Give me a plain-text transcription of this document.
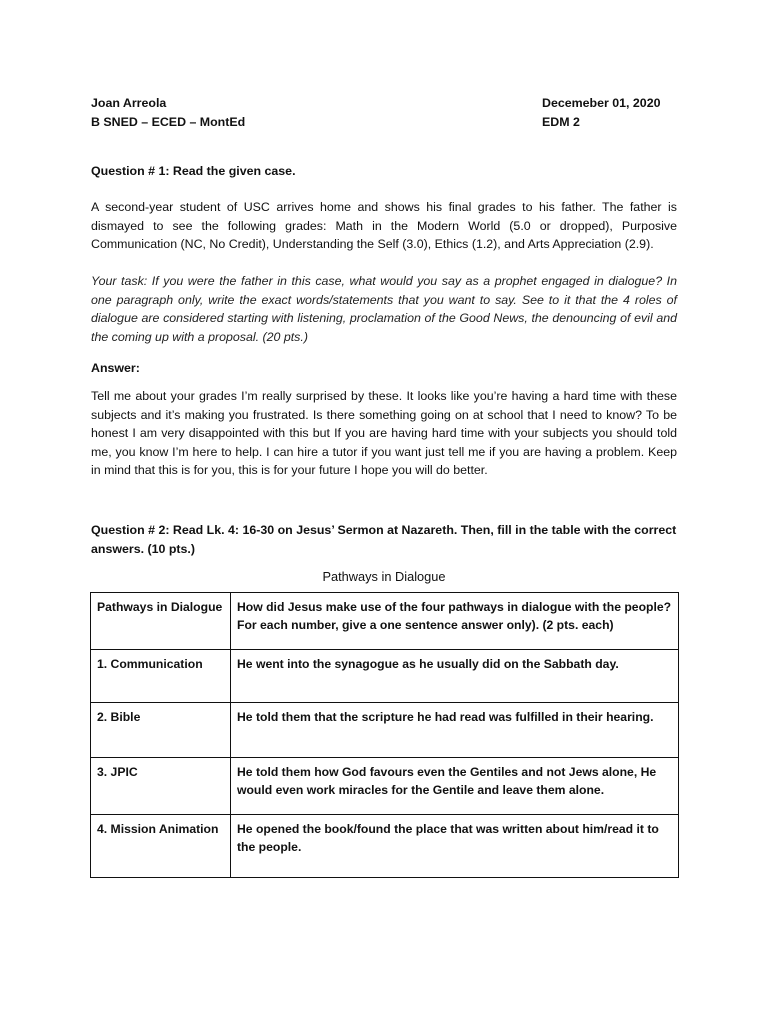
Joan Arreola
B SNED – ECED – MontEd
Decemeber 01, 2020
EDM 2
Question # 1: Read the given case.
A second-year student of USC arrives home and shows his final grades to his father. The father is dismayed to see the following grades: Math in the Modern World (5.0 or dropped), Purposive Communication (NC, No Credit), Understanding the Self (3.0), Ethics (1.2), and Arts Appreciation (2.9).
Your task: If you were the father in this case, what would you say as a prophet engaged in dialogue? In one paragraph only, write the exact words/statements that you want to say. See to it that the 4 roles of dialogue are considered starting with listening, proclamation of the Good News, the denouncing of evil and the coming up with a proposal. (20 pts.)
Answer:
Tell me about your grades I’m really surprised by these. It looks like you’re having a hard time with these subjects and it’s making you frustrated. Is there something going on at school that I need to know? To be honest I am very disappointed with this but If you are having hard time with your subjects you should told me, you know I’m here to help. I can hire a tutor if you want just tell me if you are having a problem. Keep in mind that this is for you, this is for your future I hope you will do better.
Question # 2: Read Lk. 4: 16-30 on Jesus’ Sermon at Nazareth. Then, fill in the table with the correct answers. (10 pts.)
Pathways in Dialogue
Pathways in Dialogue	How did Jesus make use of the four pathways in dialogue with the people? For each number, give a one sentence answer only). (2 pts. each)
1. Communication	He went into the synagogue as he usually did on the Sabbath day.
2. Bible	He told them that the scripture he had read was fulfilled in their hearing.
3. JPIC	He told them how God favours even the Gentiles and not Jews alone, He would even work miracles for the Gentile and leave them alone.
4. Mission Animation	He opened the book/found the place that was written about him/read it to the people.
